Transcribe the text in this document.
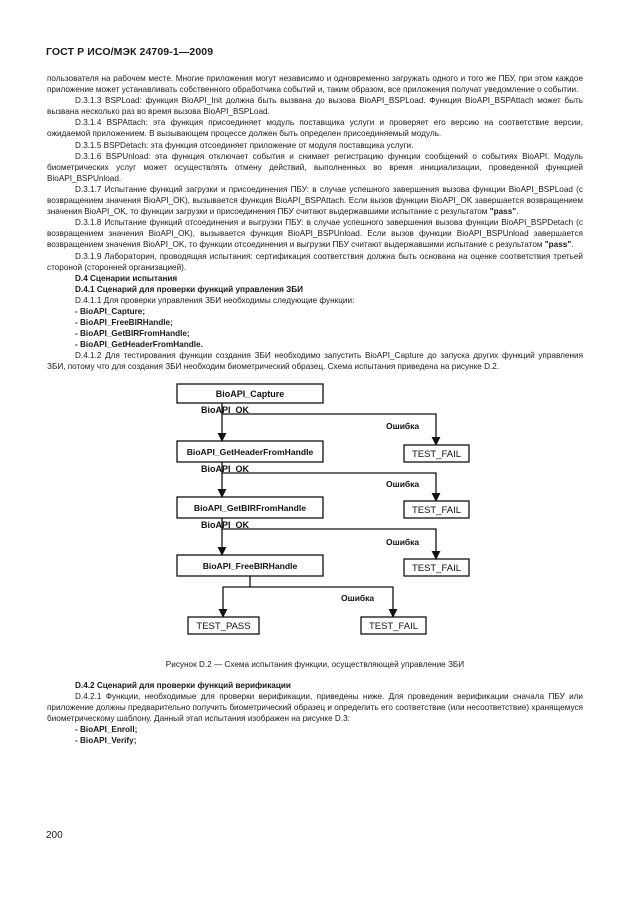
ГОСТ Р ИСО/МЭК 24709-1—2009

пользователя на рабочем месте. Многие приложения могут независимо и одновременно загружать одного и того же ПБУ, при этом каждое приложение может устанавливать собственного обработчика событий и, таким образом, все приложения получат уведомление о событии.

D.3.1.3 BSPLoad: функция BioAPI_Init должна быть вызвана до вызова BioAPI_BSPLoad. Функция BioAPI_BSPAttach может быть вызвана несколько раз во время вызова BioAPI_BSPLoad.

D.3.1.4 BSPAttach: эта функция присоединяет модуль поставщика услуги и проверяет его версию на соответствие версии, ожидаемой приложением. В вызывающем процессе должен быть определен присоединяемый модуль.

D.3.1.5 BSPDetach: эта функция отсоединяет приложение от модуля поставщика услуги.

D.3.1.6 BSPUnload: эта функция отключает события и снимает регистрацию функции сообщений о событиях BioAPI. Модуль биометрических услуг может осуществлять отмену действий, выполненных во время инициализации, проведенной функцией BioAPI_BSPUnload.

D.3.1.7 Испытание функций загрузки и присоединения ПБУ: в случае успешного завершения вызова функции BioAPI_BSPLoad (с возвращением значения BioAPI_OK), вызывается функция BioAPI_BSPAttach. Если вызов функции BioAPI_OK завершается возвращением значения BioAPI_OK, то функции загрузки и присоединения ПБУ считают выдержавшими испытание с результатом "pass".

D.3.1.8 Испытание функций отсоединения и выгрузки ПБУ: в случае успешного завершения вызова функции BioAPI_BSPDetach (с возвращением значения BioAPI_OK), вызывается функция BioAPI_BSPUnload. Если вызов функции BioAPI_BSPUnload завершается возвращением значения BioAPI_OK, то функции отсоединения и выгрузки ПБУ считают выдержавшими испытание с результатом "pass".

D.3.1.9 Лаборатория, проводящая испытания: сертификация соответствия должна быть основана на оценке соответствия третьей стороной (сторонней организацией).

D.4 Сценарии испытания

D.4.1 Сценарий для проверки функций управления ЗБИ

D.4.1.1 Для проверки управления ЗБИ необходимы следующие функции:

- BioAPI_Capture;

- BioAPI_FreeBIRHandle;

- BioAPI_GetBIRFromHandle;

- BioAPI_GetHeaderFromHandle.

D.4.1.2 Для тестирования функции создания ЗБИ необходимо запустить BioAPI_Capture до запуска других функций управления ЗБИ, потому что для создания ЗБИ необходим биометрический образец. Схема испытания приведена на рисунке D.2.

BioAPI_Capture
BioAPI_GetHeaderFromHandle
BioAPI_GetBIRFromHandle
BioAPI_FreeBIRHandle
TEST_FAIL
TEST_FAIL
TEST_FAIL
TEST_PASS	TEST_FAIL
BioAPI_OK
BioAPI_OK
BioAPI_OK
Ошибка
Ошибка
Ошибка
Ошибка

Рисунок D.2 — Схема испытания функции, осуществляющей управление ЗБИ

D.4.2 Сценарий для проверки функций верификации

D.4.2.1 Функции, необходимые для проверки верификации, приведены ниже. Для проведения верификации сначала ПБУ или приложение должны предварительно получить биометрический образец и определить его соответствие (или несоответствие) хранящемуся биометрическому шаблону. Данный этап испытания изображен на рисунке D.3:

- BioAPI_Enroll;

- BioAPI_Verify;

200
